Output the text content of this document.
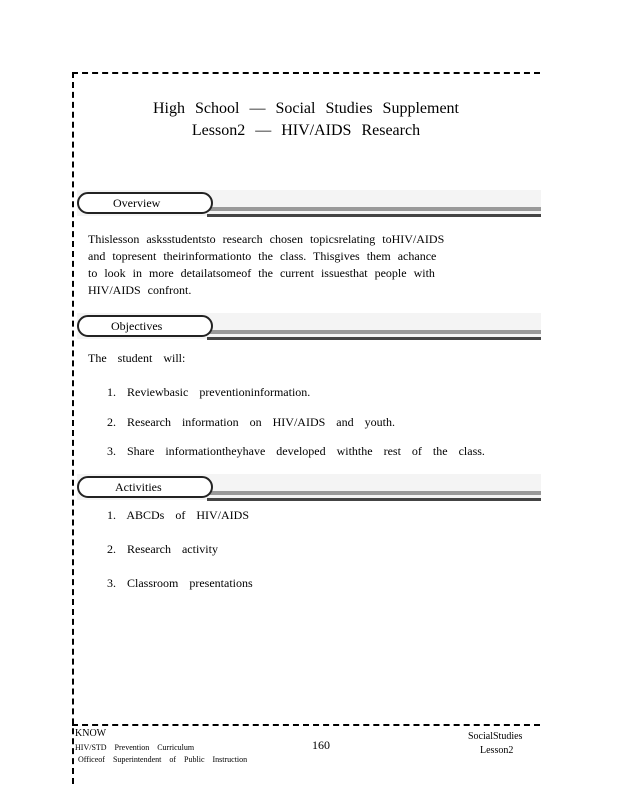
High School — Social Studies Supplement
Lesson2 — HIV/AIDS Research
Overview
Thislesson asksstudentsto research chosen topicsrelating toHIV/AIDS
and topresent theirinformationto the class. Thisgives them achance
to look in more detailatsomeof the current issuesthat people with
HIV/AIDS confront.
Objectives
The student will:
1. Reviewbasic preventioninformation.
2. Research information on HIV/AIDS and youth.
3. Share informationtheyhave developed withthe rest of the class.
Activities
1. ABCDs of HIV/AIDS
2. Research activity
3. Classroom presentations
KNOW
HIV/STD Prevention Curriculum
Officeof Superintendent of Public Instruction
160
SocialStudies
Lesson2
